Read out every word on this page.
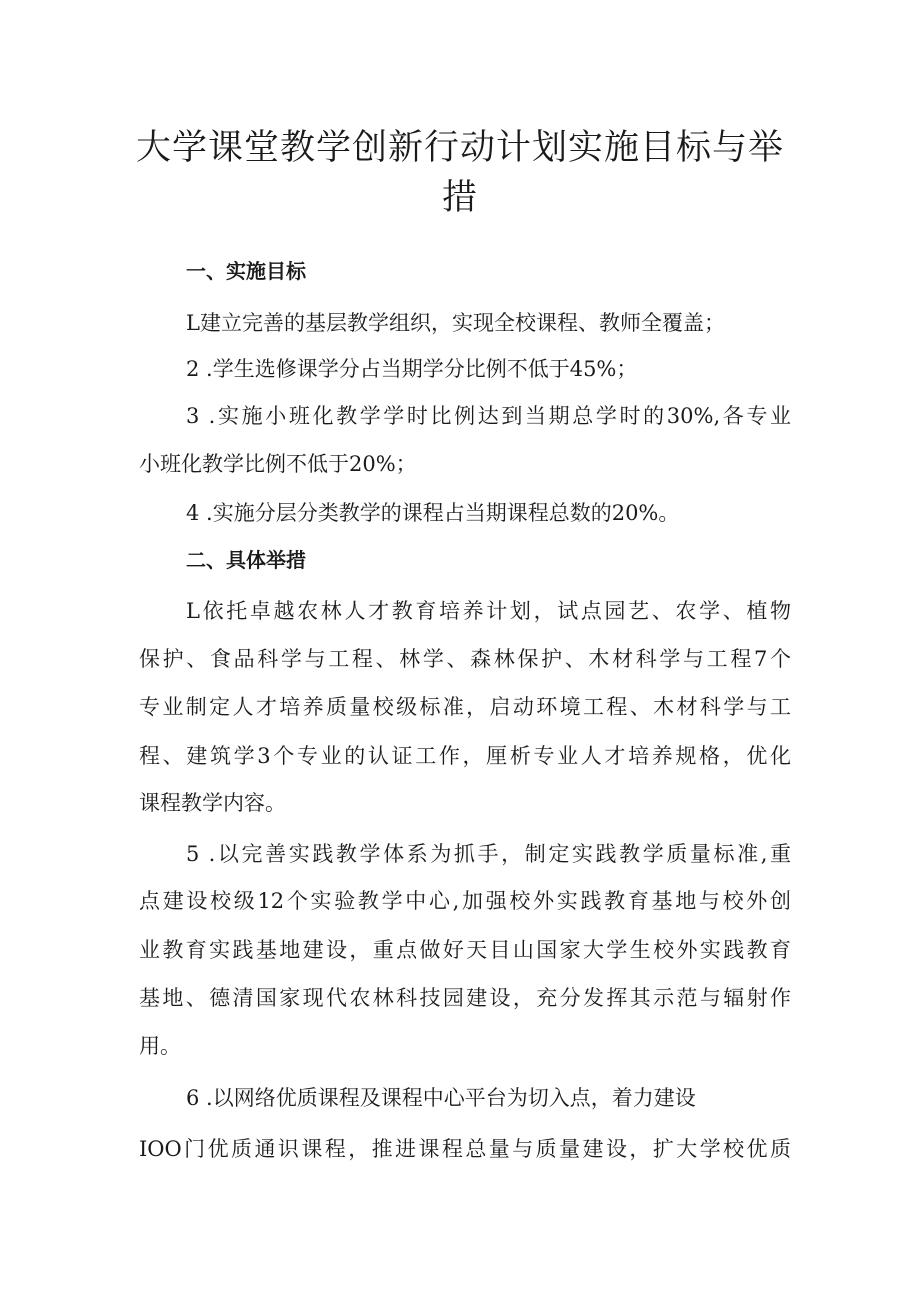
大学课堂教学创新行动计划实施目标与举
措
一、实施目标

L建立完善的基层教学组织，实现全校课程、教师全覆盖；

2 .学生选修课学分占当期学分比例不低于45%；

3 .实施小班化教学学时比例达到当期总学时的30%,各专业

小班化教学比例不低于20%；

4 .实施分层分类教学的课程占当期课程总数的20%。

二、具体举措

L依托卓越农林人才教育培养计划，试点园艺、农学、植物

保护、食品科学与工程、林学、森林保护、木材科学与工程7个

专业制定人才培养质量校级标准，启动环境工程、木材科学与工

程、建筑学3个专业的认证工作，厘析专业人才培养规格，优化

课程教学内容。

5 .以完善实践教学体系为抓手，制定实践教学质量标准,重

点建设校级12个实验教学中心,加强校外实践教育基地与校外创

业教育实践基地建设，重点做好天目山国家大学生校外实践教育

基地、德清国家现代农林科技园建设，充分发挥其示范与辐射作

用。

6 .以网络优质课程及课程中心平台为切入点，着力建设

IOO门优质通识课程，推进课程总量与质量建设，扩大学校优质
